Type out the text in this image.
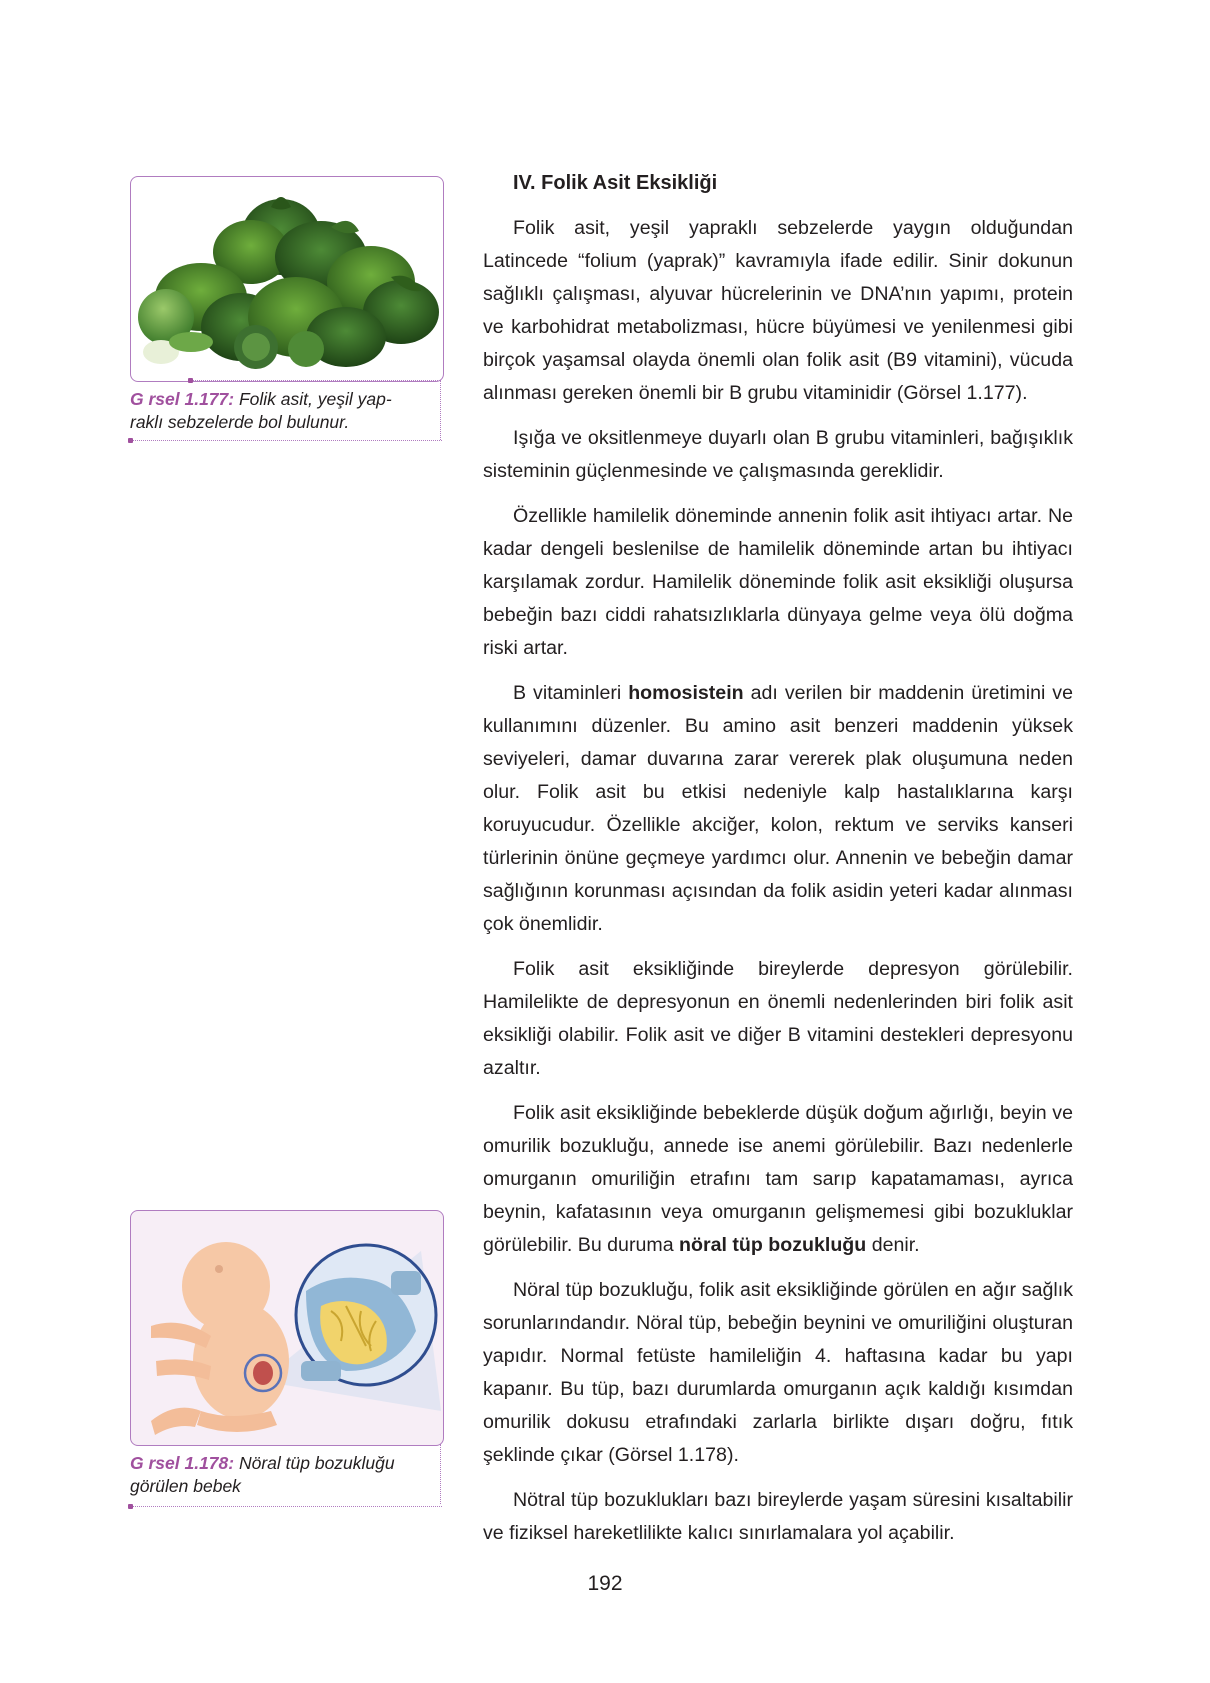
G rsel 1.177: Folik asit, yeşil yap-
raklı sebzelerde bol bulunur.
G rsel 1.178: Nöral tüp bozukluğu
görülen bebek
IV. Folik Asit Eksikliği

Folik asit, yeşil yapraklı sebzelerde yaygın olduğundan Latincede “folium (yaprak)” kavramıyla ifade edilir. Sinir dokunun sağlıklı çalışması, alyuvar hücrelerinin ve DNA’nın yapımı, protein ve karbohidrat metabolizması, hücre büyümesi ve yenilenmesi gibi birçok yaşamsal olayda önemli olan folik asit (B9 vitamini), vücuda alınması gereken önemli bir B grubu vitaminidir (Görsel 1.177).

Işığa ve oksitlenmeye duyarlı olan B grubu vitaminleri, bağışıklık sisteminin güçlenmesinde ve çalışmasında gereklidir.

Özellikle hamilelik döneminde annenin folik asit ihtiyacı artar. Ne kadar dengeli beslenilse de hamilelik döneminde artan bu ihtiyacı karşılamak zordur. Hamilelik döneminde folik asit eksikliği oluşursa bebeğin bazı ciddi rahatsızlıklarla dünyaya gelme veya ölü doğma riski artar.

B vitaminleri homosistein adı verilen bir maddenin üretimini ve kullanımını düzenler. Bu amino asit benzeri maddenin yüksek seviyeleri, damar duvarına zarar vererek plak oluşumuna neden olur. Folik asit bu etkisi nedeniyle kalp hastalıklarına karşı koruyucudur. Özellikle akciğer, kolon, rektum ve serviks kanseri türlerinin önüne geçmeye yardımcı olur. Annenin ve bebeğin damar sağlığının korunması açısından da folik asidin yeteri kadar alınması çok önemlidir.

Folik asit eksikliğinde bireylerde depresyon görülebilir. Hamilelikte de depresyonun en önemli nedenlerinden biri folik asit eksikliği olabilir. Folik asit ve diğer B vitamini destekleri depresyonu azaltır.

Folik asit eksikliğinde bebeklerde düşük doğum ağırlığı, beyin ve omurilik bozukluğu, annede ise anemi görülebilir. Bazı nedenlerle omurganın omuriliğin etrafını tam sarıp kapatamaması, ayrıca beynin, kafatasının veya omurganın gelişmemesi gibi bozukluklar görülebilir. Bu duruma nöral tüp bozukluğu denir.

Nöral tüp bozukluğu, folik asit eksikliğinde görülen en ağır sağlık sorunlarındandır. Nöral tüp, bebeğin beynini ve omuriliğini oluşturan yapıdır. Normal fetüste hamileliğin 4. haftasına kadar bu yapı kapanır. Bu tüp, bazı durumlarda omurganın açık kaldığı kısımdan omurilik dokusu etrafındaki zarlarla birlikte dışarı doğru, fıtık şeklinde çıkar (Görsel 1.178).

Nötral tüp bozuklukları bazı bireylerde yaşam süresini kısaltabilir ve fiziksel hareketlilikte kalıcı sınırlamalara yol açabilir.

192
